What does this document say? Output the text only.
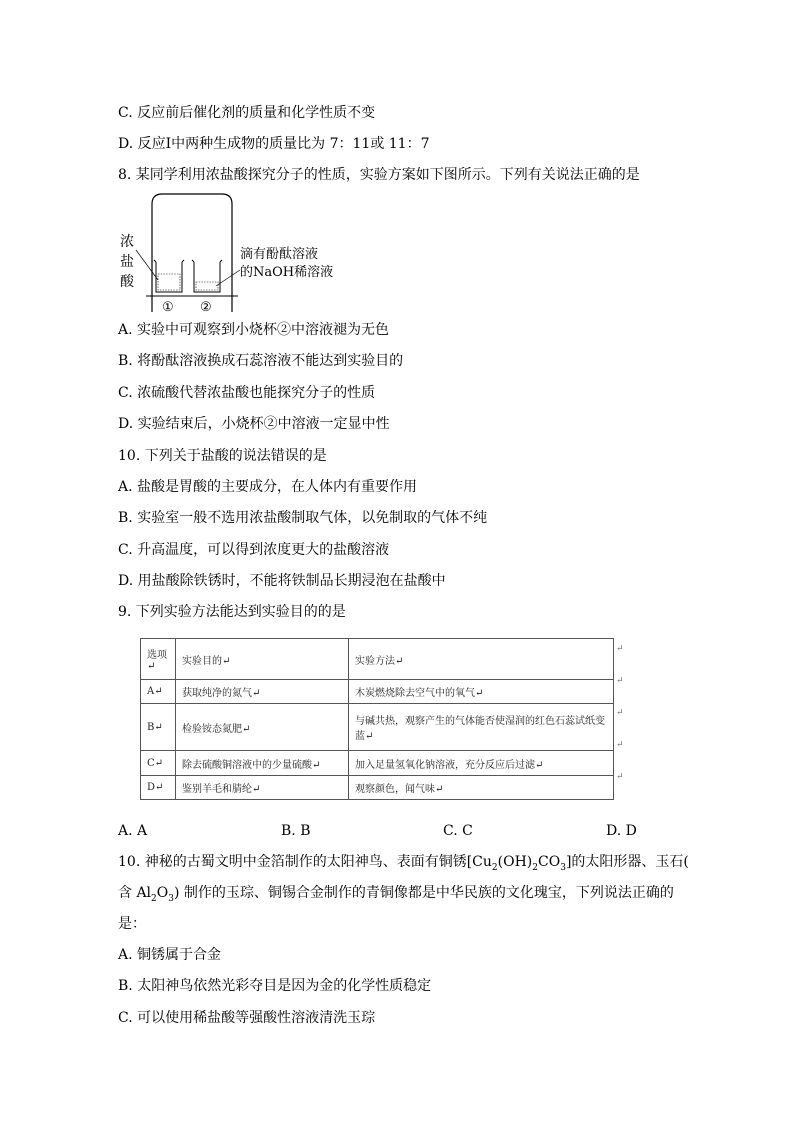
C. 反应前后催化剂的质量和化学性质不变
D. 反应Ⅰ中两种生成物的质量比为 7：11或 11：7
8. 某同学利用浓盐酸探究分子的性质，实验方案如下图所示。下列有关说法正确的是
浓
盐
酸
滴有酚酞溶液
的NaOH稀溶液
① ②
A. 实验中可观察到小烧杯②中溶液褪为无色
B. 将酚酞溶液换成石蕊溶液不能达到实验目的
C. 浓硫酸代替浓盐酸也能探究分子的性质
D. 实验结束后，小烧杯②中溶液一定显中性
10. 下列关于盐酸的说法错误的是
A. 盐酸是胃酸的主要成分，在人体内有重要作用
B. 实验室一般不选用浓盐酸制取气体，以免制取的气体不纯
C. 升高温度，可以得到浓度更大的盐酸溶液
D. 用盐酸除铁锈时，不能将铁制品长期浸泡在盐酸中
9. 下列实验方法能达到实验目的的是
选项↵	实验目的↵	实验方法↵
A↵	获取纯净的氮气↵	木炭燃烧除去空气中的氧气↵
B↵	检验铵态氮肥↵	与碱共热，观察产生的气体能否使湿润的红色石蕊试纸变蓝↵
C↵	除去硫酸铜溶液中的少量硫酸↵	加入足量氢氧化钠溶液，充分反应后过滤↵
D↵	鉴别羊毛和腈纶↵	观察颜色，闻气味↵
↵
↵
↵
↵
↵
A. A	B. B	C. C	D. D
10. 神秘的古蜀文明中金箔制作的太阳神鸟、表面有铜锈$[Cu_2(OH)_2CO_3]$的太阳形器、玉石(
含 $Al_2O_3$) 制作的玉琮、铜锡合金制作的青铜像都是中华民族的文化瑰宝，下列说法正确的
是：
A. 铜锈属于合金
B. 太阳神鸟依然光彩夺目是因为金的化学性质稳定
C. 可以使用稀盐酸等强酸性溶液清洗玉琮
